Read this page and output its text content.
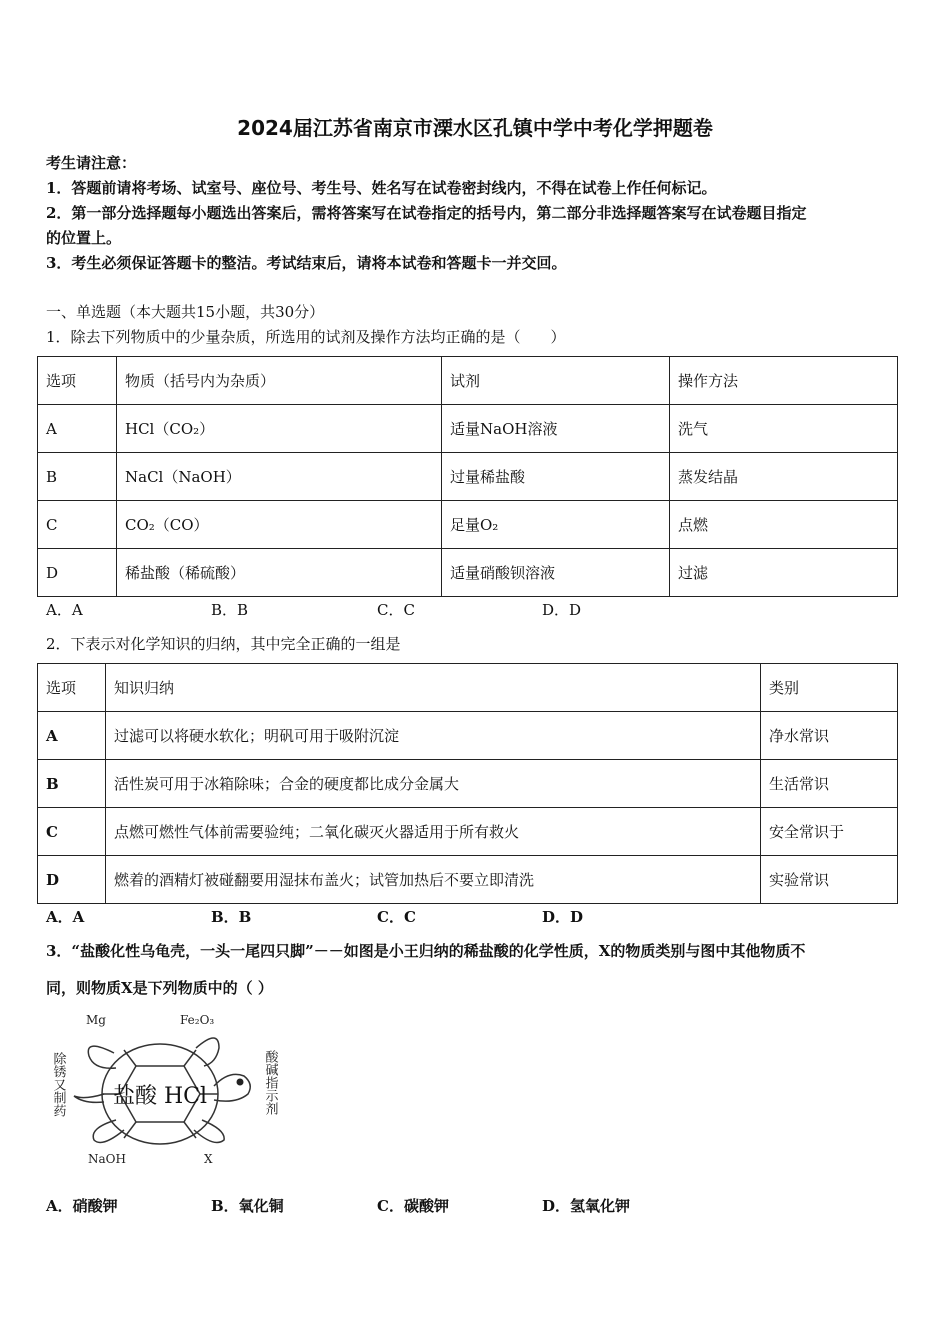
2024届江苏省南京市溧水区孔镇中学中考化学押题卷
考生请注意：
1．答题前请将考场、试室号、座位号、考生号、姓名写在试卷密封线内，不得在试卷上作任何标记。
2．第一部分选择题每小题选出答案后，需将答案写在试卷指定的括号内，第二部分非选择题答案写在试卷题目指定
的位置上。
3．考生必须保证答题卡的整洁。考试结束后，请将本试卷和答题卡一并交回。
一、单选题（本大题共15小题，共30分）
1．除去下列物质中的少量杂质，所选用的试剂及操作方法均正确的是（　　）
选项	物质（括号内为杂质）	试剂	操作方法
A	HCl（CO₂）	适量NaOH溶液	洗气
B	NaCl（NaOH）	过量稀盐酸	蒸发结晶
C	CO₂（CO）	足量O₂	点燃
D	稀盐酸（稀硫酸）	适量硝酸钡溶液	过滤
A．A	B．B	C．C	D．D
2．下表示对化学知识的归纳，其中完全正确的一组是
选项	知识归纳	类别
A	过滤可以将硬水软化；明矾可用于吸附沉淀	净水常识
B	活性炭可用于冰箱除味；合金的硬度都比成分金属大	生活常识
C	点燃可燃性气体前需要验纯；二氧化碳灭火器适用于所有救火	安全常识于
D	燃着的酒精灯被碰翻要用湿抹布盖火；试管加热后不要立即清洗	实验常识
A．A	B．B	C．C	D．D
3．“盐酸化性乌龟壳，一头一尾四只脚”－－如图是小王归纳的稀盐酸的化学性质，X的物质类别与图中其他物质不
同，则物质X是下列物质中的（ ）
盐酸 HCl
Mg	Fe₂O₃
NaOH	X
除锈又制药	酸碱指示剂
A．硝酸钾	B．氧化铜	C．碳酸钾	D．氢氧化钾
